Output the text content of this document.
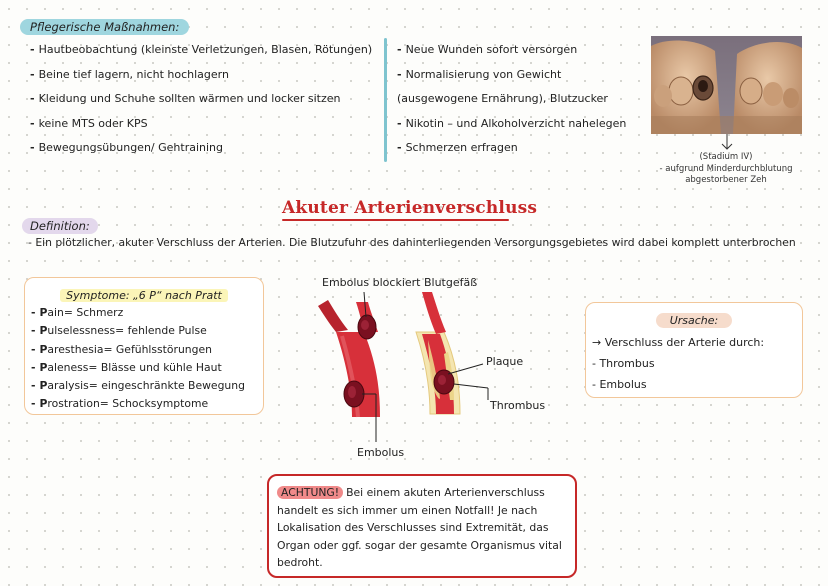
Pflegerische Maßnahmen:
- Hautbeobachtung (kleinste Verletzungen, Blasen, Rötungen)
- Beine tief lagern, nicht hochlagern
- Kleidung und Schuhe sollten wärmen und locker sitzen
- keine MTS oder KPS
- Bewegungsübungen/ Gehtraining
- Neue Wunden sofort versorgen
- Normalisierung von Gewicht
(ausgewogene Ernährung), Blutzucker
- Nikotin – und Alkoholverzicht nahelegen
- Schmerzen erfragen
(Stadium IV)
- aufgrund Minderdurchblutung
abgestorbener Zeh
Akuter Arterienverschluss
Definition:
- Ein plötzlicher, akuter Verschluss der Arterien. Die Blutzufuhr des dahinterliegenden Versorgungsgebietes wird dabei komplett unterbrochen
Symptome: „6 P“ nach Pratt
- Pain= Schmerz
- Pulselessness= fehlende Pulse
- Paresthesia= Gefühlsstörungen
- Paleness= Blässe und kühle Haut
- Paralysis= eingeschränkte Bewegung
- Prostration= Schocksymptome
Embolus blockiert Blutgefäß
Plaque
Thrombus
Embolus
Ursache:
→ Verschluss der Arterie durch:
- Thrombus
- Embolus
ACHTUNG! Bei einem akuten Arterienverschluss
handelt es sich immer um einen Notfall! Je nach
Lokalisation des Verschlusses sind Extremität, das
Organ oder ggf. sogar der gesamte Organismus vital
bedroht.
